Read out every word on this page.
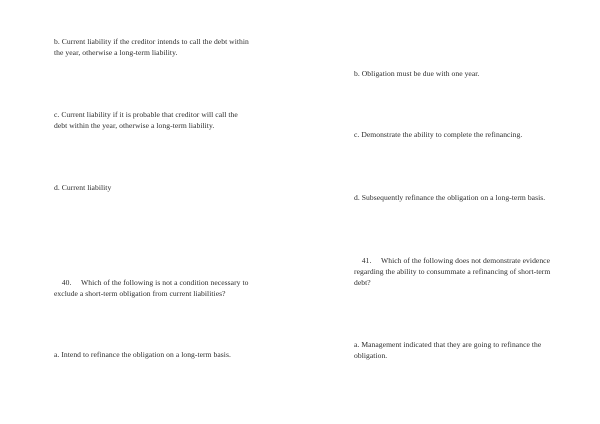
b. Current liability if the creditor intends to call the debt within
the year, otherwise a long-term liability.

c. Current liability if it is probable that creditor will call the
debt within the year, otherwise a long-term liability.

d. Current liability

40.     Which of the following is not a condition necessary to
exclude a short-term obligation from current liabilities?

a. Intend to refinance the obligation on a long-term basis.

b. Obligation must be due with one year.

c. Demonstrate the ability to complete the refinancing.

d. Subsequently refinance the obligation on a long-term basis.

41.     Which of the following does not demonstrate evidence
regarding the ability to consummate a refinancing of short-term
debt?

a. Management indicated that they are going to refinance the
obligation.
